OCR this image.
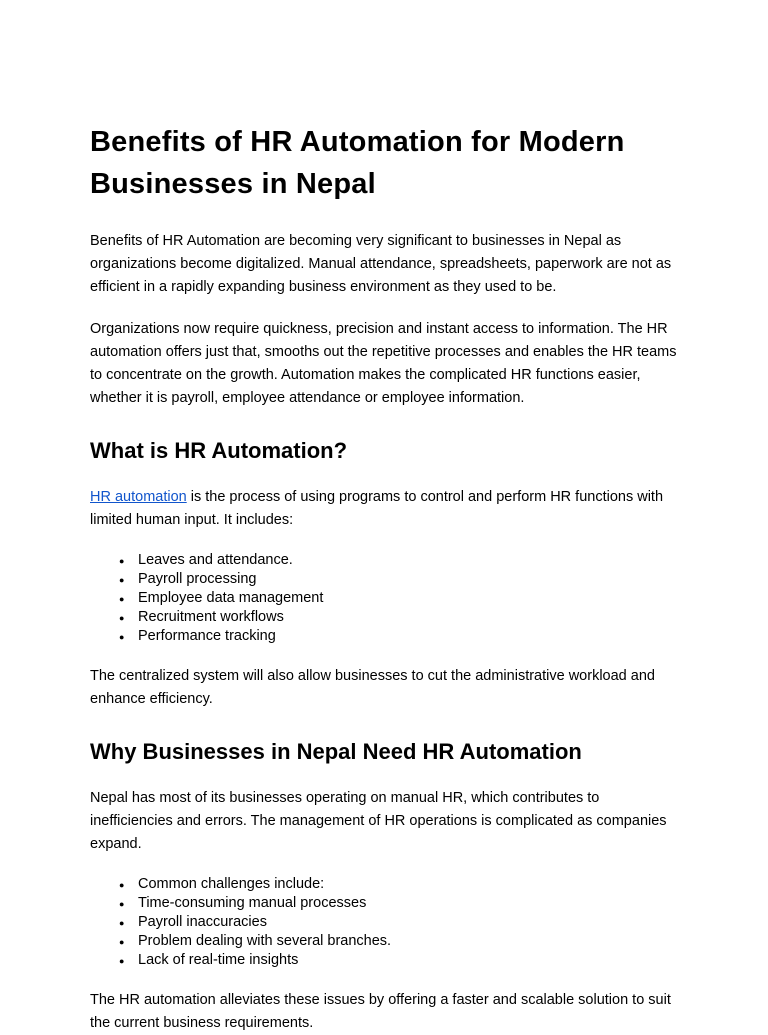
Benefits of HR Automation for Modern Businesses in Nepal

Benefits of HR Automation are becoming very significant to businesses in Nepal as organizations become digitalized. Manual attendance, spreadsheets, paperwork are not as efficient in a rapidly expanding business environment as they used to be.

Organizations now require quickness, precision and instant access to information. The HR automation offers just that, smooths out the repetitive processes and enables the HR teams to concentrate on the growth. Automation makes the complicated HR functions easier, whether it is payroll, employee attendance or employee information.

What is HR Automation?

HR automation is the process of using programs to control and perform HR functions with limited human input. It includes:

● Leaves and attendance.
● Payroll processing
● Employee data management
● Recruitment workflows
● Performance tracking

The centralized system will also allow businesses to cut the administrative workload and enhance efficiency.

Why Businesses in Nepal Need HR Automation

Nepal has most of its businesses operating on manual HR, which contributes to inefficiencies and errors. The management of HR operations is complicated as companies expand.

● Common challenges include:
● Time-consuming manual processes
● Payroll inaccuracies
● Problem dealing with several branches.
● Lack of real-time insights

The HR automation alleviates these issues by offering a faster and scalable solution to suit the current business requirements.
